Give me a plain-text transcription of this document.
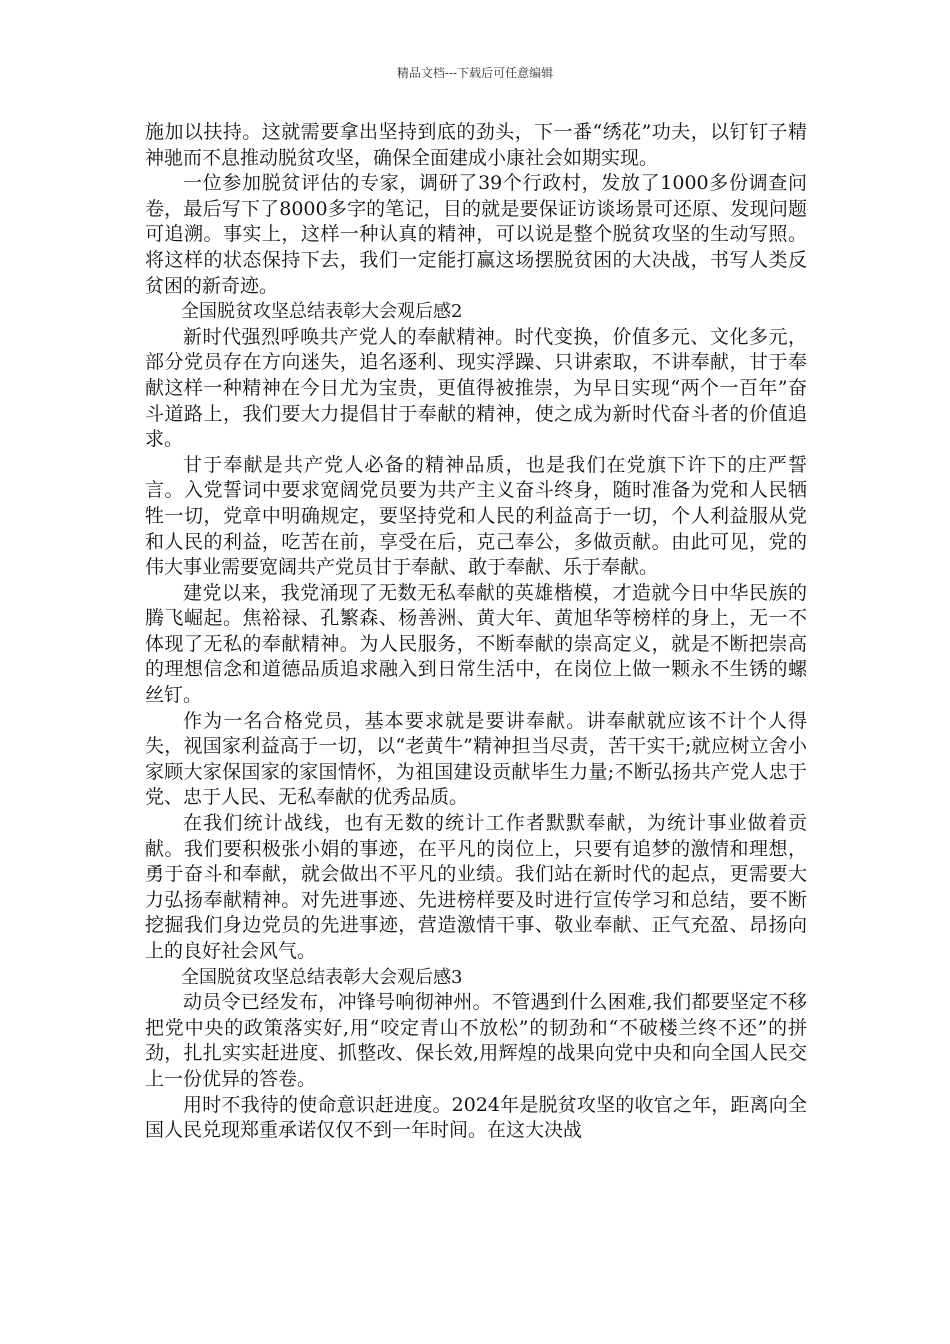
精品文档---下载后可任意编辑

施加以扶持。这就需要拿出坚持到底的劲头，下一番“绣花”功夫，以钉钉子精神驰而不息推动脱贫攻坚，确保全面建成小康社会如期实现。

一位参加脱贫评估的专家，调研了39个行政村，发放了1000多份调查问卷，最后写下了8000多字的笔记，目的就是要保证访谈场景可还原、发现问题可追溯。事实上，这样一种认真的精神，可以说是整个脱贫攻坚的生动写照。将这样的状态保持下去，我们一定能打赢这场摆脱贫困的大决战，书写人类反贫困的新奇迹。

全国脱贫攻坚总结表彰大会观后感2

新时代强烈呼唤共产党人的奉献精神。时代变换，价值多元、文化多元，部分党员存在方向迷失，追名逐利、现实浮躁、只讲索取，不讲奉献，甘于奉献这样一种精神在今日尤为宝贵，更值得被推崇，为早日实现“两个一百年”奋斗道路上，我们要大力提倡甘于奉献的精神，使之成为新时代奋斗者的价值追求。

甘于奉献是共产党人必备的精神品质，也是我们在党旗下许下的庄严誓言。入党誓词中要求宽阔党员要为共产主义奋斗终身，随时准备为党和人民牺牲一切，党章中明确规定，要坚持党和人民的利益高于一切，个人利益服从党和人民的利益，吃苦在前，享受在后，克己奉公，多做贡献。由此可见，党的伟大事业需要宽阔共产党员甘于奉献、敢于奉献、乐于奉献。

建党以来，我党涌现了无数无私奉献的英雄楷模，才造就今日中华民族的腾飞崛起。焦裕禄、孔繁森、杨善洲、黄大年、黄旭华等榜样的身上，无一不体现了无私的奉献精神。为人民服务，不断奉献的崇高定义，就是不断把崇高的理想信念和道德品质追求融入到日常生活中，在岗位上做一颗永不生锈的螺丝钉。

作为一名合格党员，基本要求就是要讲奉献。讲奉献就应该不计个人得失，视国家利益高于一切，以“老黄牛”精神担当尽责，苦干实干;就应树立舍小家顾大家保国家的家国情怀，为祖国建设贡献毕生力量;不断弘扬共产党人忠于党、忠于人民、无私奉献的优秀品质。

在我们统计战线，也有无数的统计工作者默默奉献，为统计事业做着贡献。我们要积极张小娟的事迹，在平凡的岗位上，只要有追梦的激情和理想，勇于奋斗和奉献，就会做出不平凡的业绩。我们站在新时代的起点，更需要大力弘扬奉献精神。对先进事迹、先进榜样要及时进行宣传学习和总结，要不断挖掘我们身边党员的先进事迹，营造激情干事、敬业奉献、正气充盈、昂扬向上的良好社会风气。

全国脱贫攻坚总结表彰大会观后感3

动员令已经发布，冲锋号响彻神州。不管遇到什么困难,我们都要坚定不移把党中央的政策落实好,用“咬定青山不放松”的韧劲和“不破楼兰终不还”的拼劲，扎扎实实赶进度、抓整改、保长效,用辉煌的战果向党中央和向全国人民交上一份优异的答卷。

用时不我待的使命意识赶进度。2024年是脱贫攻坚的收官之年，距离向全国人民兑现郑重承诺仅仅不到一年时间。在这大决战
